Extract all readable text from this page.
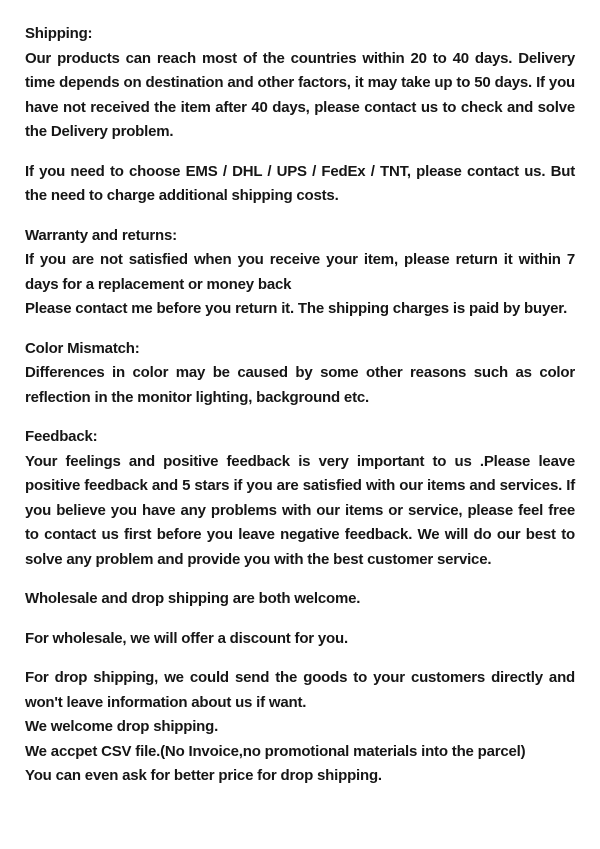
Shipping:
Our products can reach most of the countries within 20 to 40 days. Delivery time depends on destination and other factors, it may take up to 50 days. If you have not received the item after 40 days, please contact us to check and solve the Delivery problem.
If you need to choose EMS / DHL / UPS / FedEx / TNT, please contact us. But the need to charge additional shipping costs.
Warranty and returns:
If you are not satisfied when you receive your item, please return it within 7 days for a replacement or money back
Please contact me before you return it. The shipping charges is paid by buyer.
Color Mismatch:
Differences in color may be caused by some other reasons such as color reflection in the monitor lighting, background etc.
Feedback:
Your feelings and positive feedback is very important to us .Please leave positive feedback and 5 stars if you are satisfied with our items and services. If you believe you have any problems with our items or service, please feel free to contact us first before you leave negative feedback. We will do our best to solve any problem and provide you with the best customer service.
Wholesale and drop shipping are both welcome.
For wholesale, we will offer a discount for you.
For drop shipping, we could send the goods to your customers directly and won't leave information about us if want.
We welcome drop shipping.
We accpet CSV file.(No Invoice,no promotional materials into the parcel)
You can even ask for better price for drop shipping.
